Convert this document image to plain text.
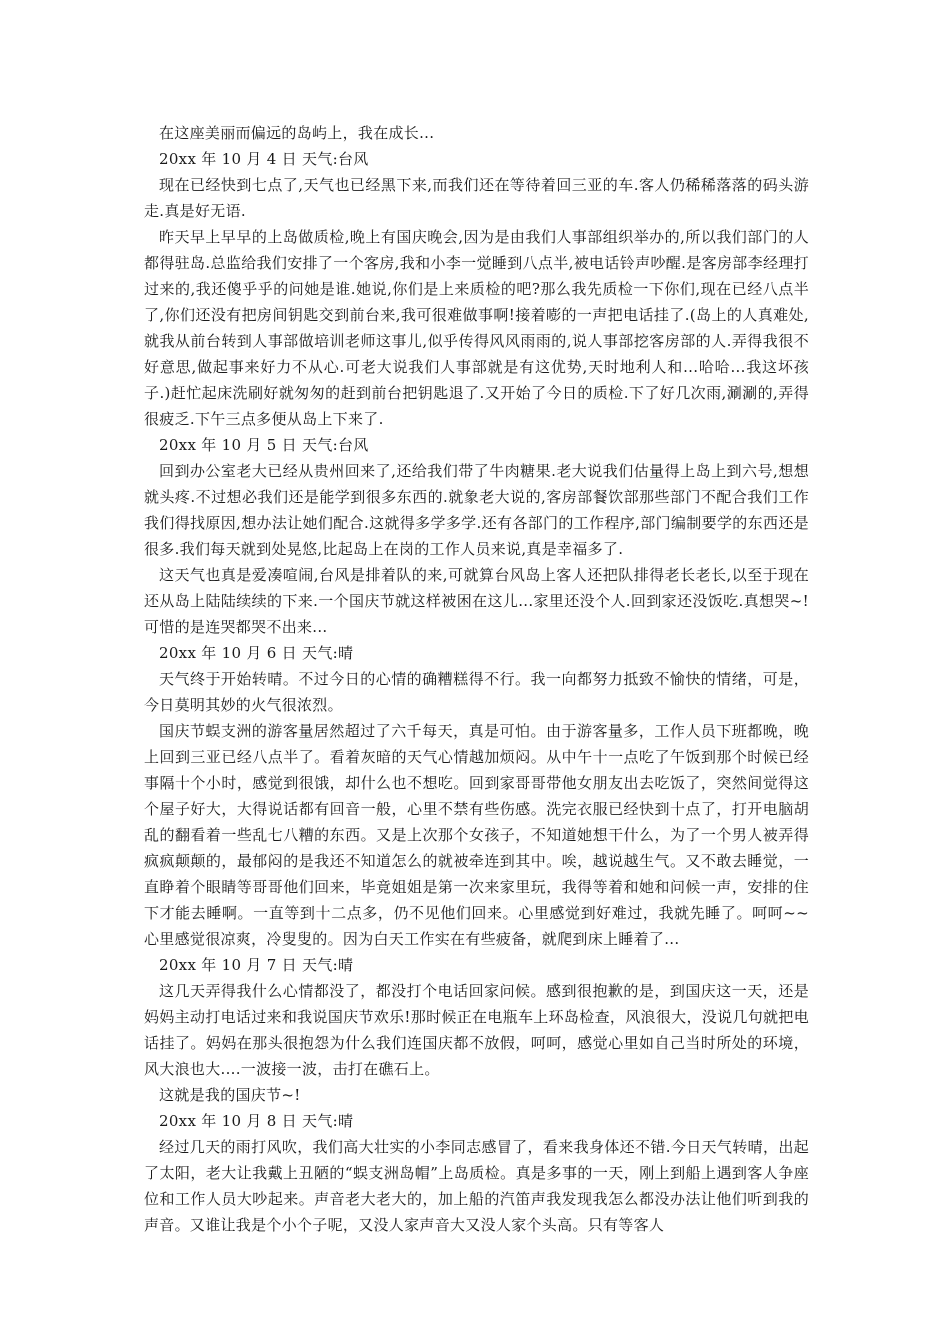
在这座美丽而偏远的岛屿上，我在成长...

20xx 年 10 月 4 日 天气:台风

现在已经快到七点了,天气也已经黑下来,而我们还在等待着回三亚的车.客人仍稀稀落落的码头游走.真是好无语.

昨天早上早早的上岛做质检,晚上有国庆晚会,因为是由我们人事部组织举办的,所以我们部门的人都得驻岛.总监给我们安排了一个客房,我和小李一觉睡到八点半,被电话铃声吵醒.是客房部李经理打过来的,我还傻乎乎的问她是谁.她说,你们是上来质检的吧?那么我先质检一下你们,现在已经八点半了,你们还没有把房间钥匙交到前台来,我可很难做事啊!接着嘭的一声把电话挂了.(岛上的人真难处,就我从前台转到人事部做培训老师这事儿,似乎传得风风雨雨的,说人事部挖客房部的人.弄得我很不好意思,做起事来好力不从心.可老大说我们人事部就是有这优势,天时地利人和...哈哈...我这坏孩子.)赶忙起床洗刷好就匆匆的赶到前台把钥匙退了.又开始了今日的质检.下了好几次雨,涮涮的,弄得很疲乏.下午三点多便从岛上下来了.

20xx 年 10 月 5 日 天气:台风

回到办公室老大已经从贵州回来了,还给我们带了牛肉糖果.老大说我们估量得上岛上到六号,想想就头疼.不过想必我们还是能学到很多东西的.就象老大说的,客房部餐饮部那些部门不配合我们工作我们得找原因,想办法让她们配合.这就得多学多学.还有各部门的工作程序,部门编制要学的东西还是很多.我们每天就到处晃悠,比起岛上在岗的工作人员来说,真是幸福多了.

这天气也真是爱凑喧闹,台风是排着队的来,可就算台风岛上客人还把队排得老长老长,以至于现在还从岛上陆陆续续的下来.一个国庆节就这样被困在这儿...家里还没个人.回到家还没饭吃.真想哭~!可惜的是连哭都哭不出来...

20xx 年 10 月 6 日 天气:晴

天气终于开始转晴。不过今日的心情的确糟糕得不行。我一向都努力抵致不愉快的情绪，可是，今日莫明其妙的火气很浓烈。

国庆节蜈支洲的游客量居然超过了六千每天，真是可怕。由于游客量多，工作人员下班都晚，晚上回到三亚已经八点半了。看着灰暗的天气心情越加烦闷。从中午十一点吃了午饭到那个时候已经事隔十个小时，感觉到很饿，却什么也不想吃。回到家哥哥带他女朋友出去吃饭了，突然间觉得这个屋子好大，大得说话都有回音一般，心里不禁有些伤感。洗完衣服已经快到十点了，打开电脑胡乱的翻看着一些乱七八糟的东西。又是上次那个女孩子，不知道她想干什么，为了一个男人被弄得疯疯颠颠的，最郁闷的是我还不知道怎么的就被牵连到其中。唉，越说越生气。又不敢去睡觉，一直睁着个眼睛等哥哥他们回来，毕竟姐姐是第一次来家里玩，我得等着和她和问候一声，安排的住下才能去睡啊。一直等到十二点多，仍不见他们回来。心里感觉到好难过，我就先睡了。呵呵~~心里感觉很凉爽，冷叟叟的。因为白天工作实在有些疲备，就爬到床上睡着了...

20xx 年 10 月 7 日 天气:晴

这几天弄得我什么心情都没了，都没打个电话回家问候。感到很抱歉的是，到国庆这一天，还是妈妈主动打电话过来和我说国庆节欢乐!那时候正在电瓶车上环岛检查，风浪很大，没说几句就把电话挂了。妈妈在那头很抱怨为什么我们连国庆都不放假，呵呵，感觉心里如自己当时所处的环境，风大浪也大....一波接一波，击打在礁石上。

这就是我的国庆节~!

20xx 年 10 月 8 日 天气:晴

经过几天的雨打风吹，我们高大壮实的小李同志感冒了，看来我身体还不错.今日天气转晴，出起了太阳，老大让我戴上丑陋的“蜈支洲岛帽”上岛质检。真是多事的一天，刚上到船上遇到客人争座位和工作人员大吵起来。声音老大老大的，加上船的汽笛声我发现我怎么都没办法让他们听到我的声音。又谁让我是个小个子呢，又没人家声音大又没人家个头高。只有等客人
